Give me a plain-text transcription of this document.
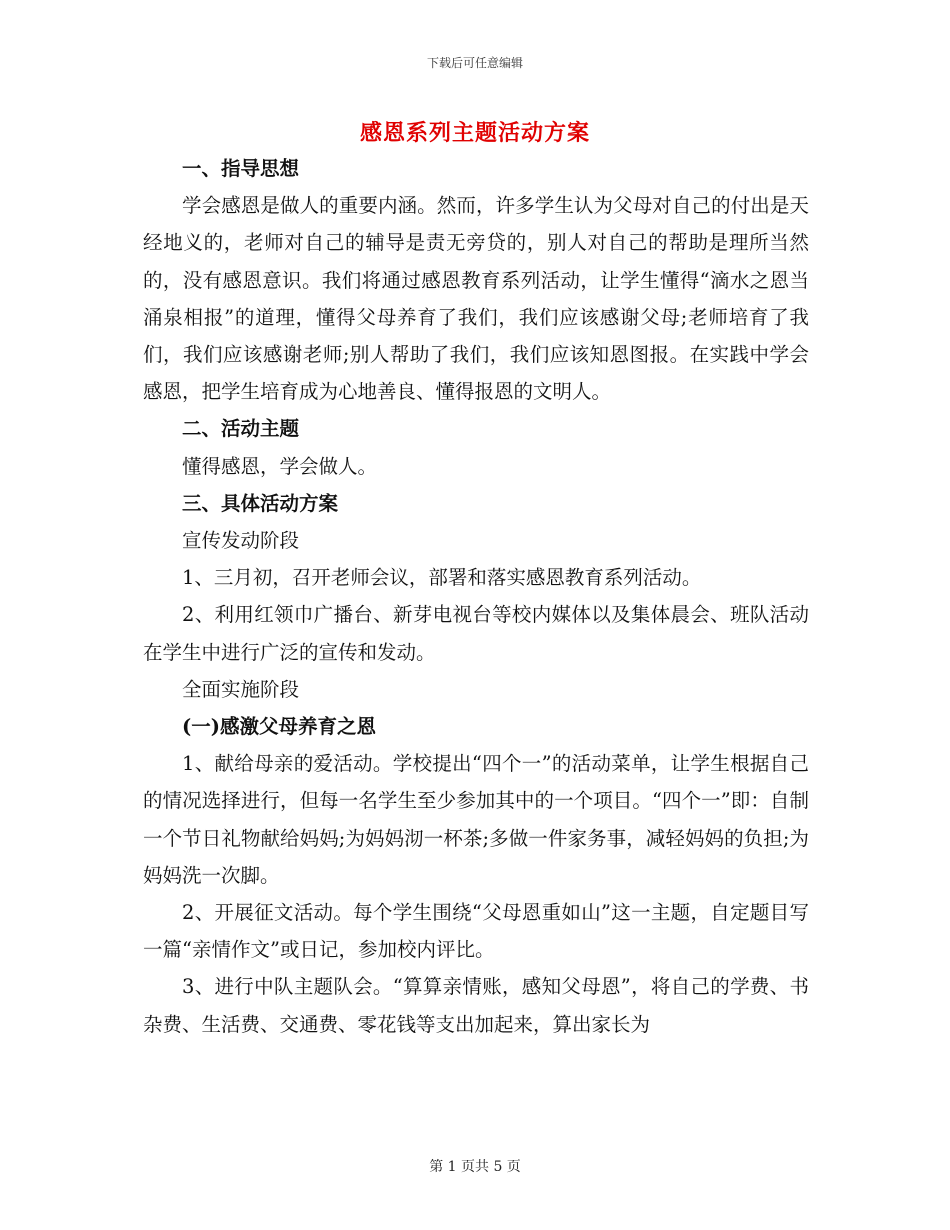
下载后可任意编辑
感恩系列主题活动方案
一、指导思想

学会感恩是做人的重要内涵。然而，许多学生认为父母对自己的付出是天经地义的，老师对自己的辅导是责无旁贷的，别人对自己的帮助是理所当然的，没有感恩意识。我们将通过感恩教育系列活动，让学生懂得“滴水之恩当涌泉相报”的道理，懂得父母养育了我们，我们应该感谢父母;老师培育了我们，我们应该感谢老师;别人帮助了我们，我们应该知恩图报。在实践中学会感恩，把学生培育成为心地善良、懂得报恩的文明人。

二、活动主题

懂得感恩，学会做人。

三、具体活动方案

宣传发动阶段

1、三月初，召开老师会议，部署和落实感恩教育系列活动。

2、利用红领巾广播台、新芽电视台等校内媒体以及集体晨会、班队活动在学生中进行广泛的宣传和发动。

全面实施阶段

(一)感激父母养育之恩

1、献给母亲的爱活动。学校提出“四个一”的活动菜单，让学生根据自己的情况选择进行，但每一名学生至少参加其中的一个项目。“四个一”即：自制一个节日礼物献给妈妈;为妈妈沏一杯茶;多做一件家务事，减轻妈妈的负担;为妈妈洗一次脚。

2、开展征文活动。每个学生围绕“父母恩重如山”这一主题，自定题目写一篇“亲情作文”或日记，参加校内评比。

3、进行中队主题队会。“算算亲情账，感知父母恩”，将自己的学费、书杂费、生活费、交通费、零花钱等支出加起来，算出家长为

第 1 页共 5 页
